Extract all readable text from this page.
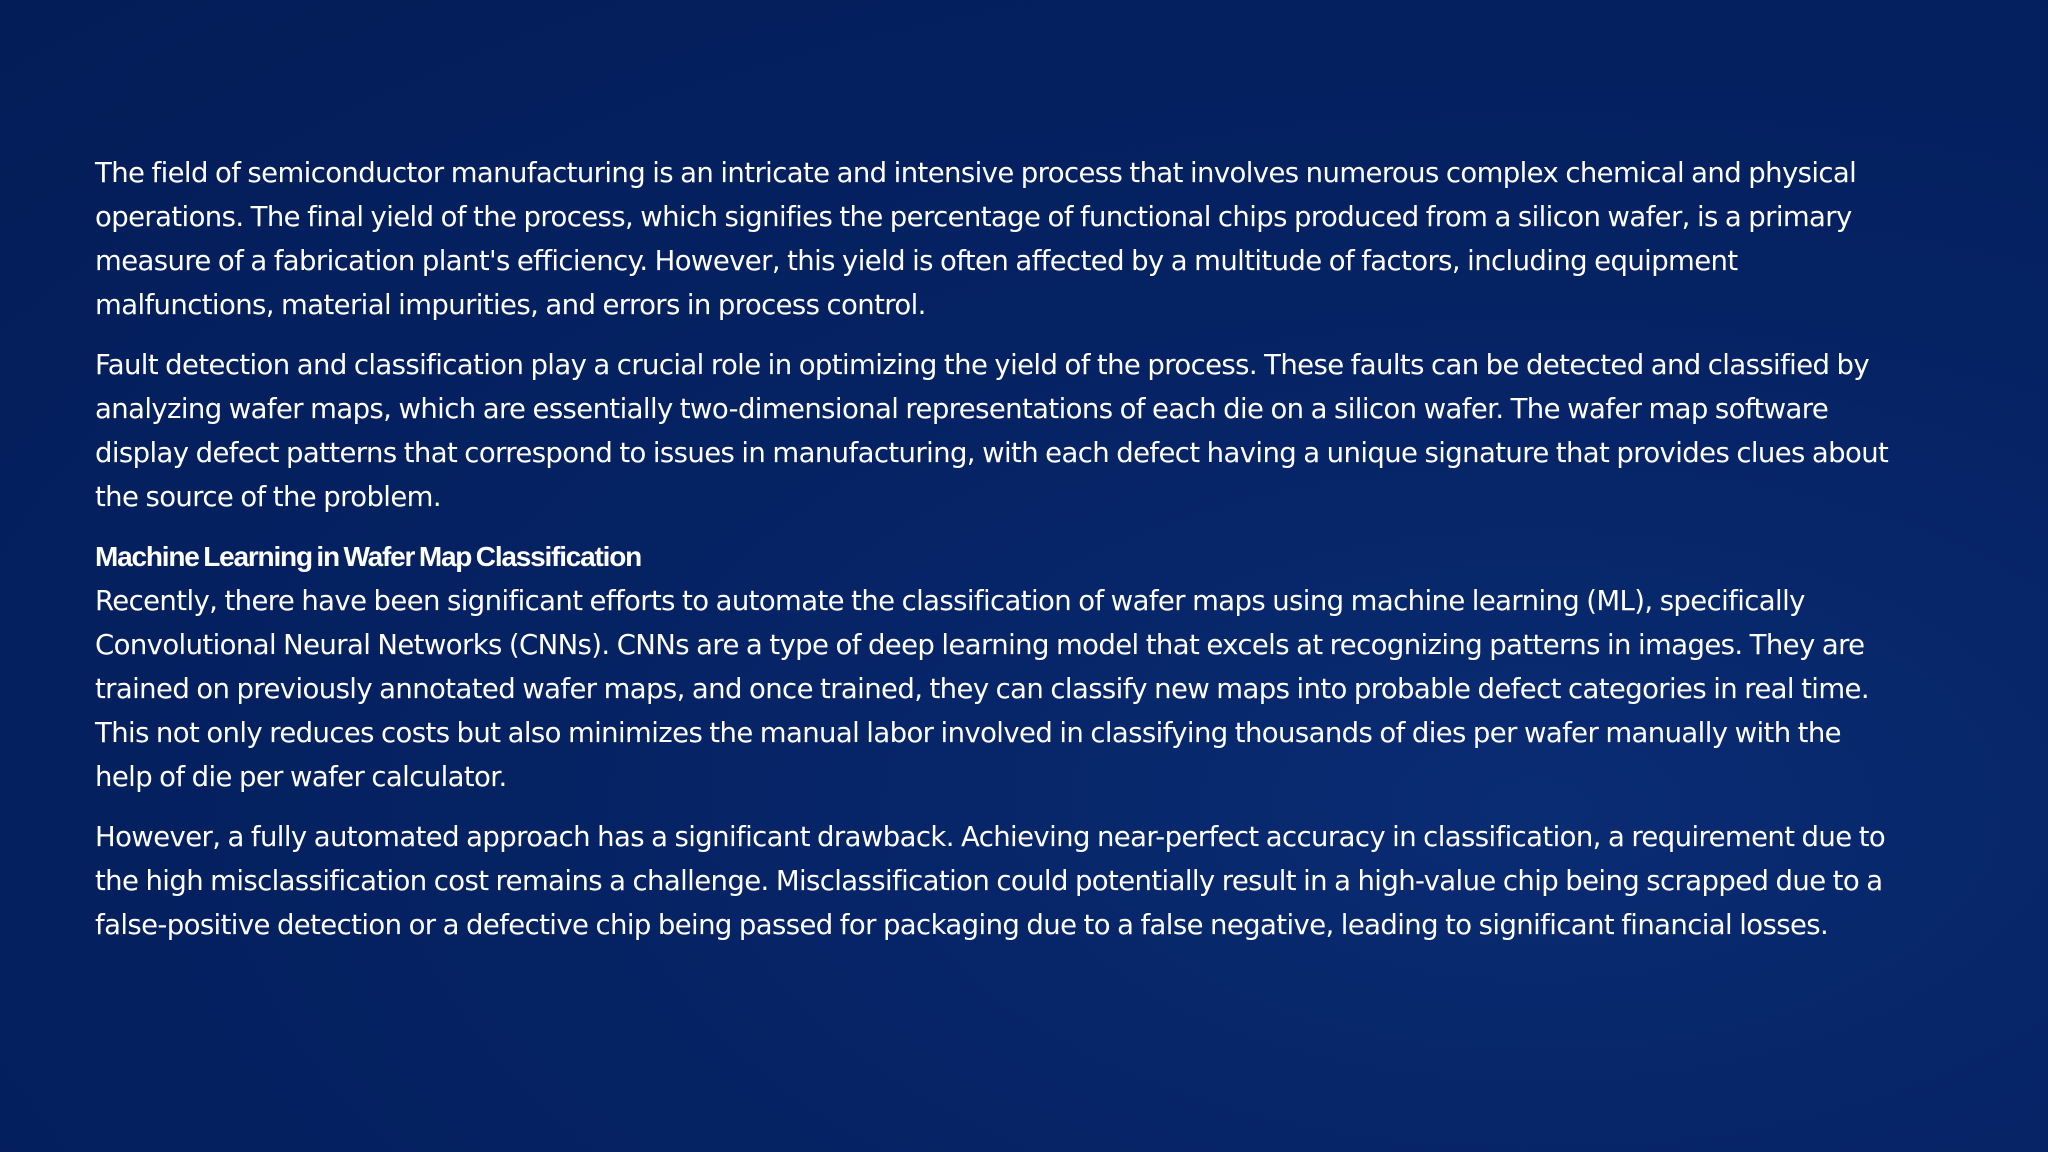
The field of semiconductor manufacturing is an intricate and intensive process that involves numerous complex chemical and physical operations. The final yield of the process, which signifies the percentage of functional chips produced from a silicon wafer, is a primary measure of a fabrication plant's efficiency. However, this yield is often affected by a multitude of factors, including equipment malfunctions, material impurities, and errors in process control.

Fault detection and classification play a crucial role in optimizing the yield of the process. These faults can be detected and classified by analyzing wafer maps, which are essentially two-dimensional representations of each die on a silicon wafer. The wafer map software display defect patterns that correspond to issues in manufacturing, with each defect having a unique signature that provides clues about the source of the problem.

Machine Learning in Wafer Map Classification

Recently, there have been significant efforts to automate the classification of wafer maps using machine learning (ML), specifically Convolutional Neural Networks (CNNs). CNNs are a type of deep learning model that excels at recognizing patterns in images. They are trained on previously annotated wafer maps, and once trained, they can classify new maps into probable defect categories in real time. This not only reduces costs but also minimizes the manual labor involved in classifying thousands of dies per wafer manually with the help of die per wafer calculator.

However, a fully automated approach has a significant drawback. Achieving near-perfect accuracy in classification, a requirement due to the high misclassification cost remains a challenge. Misclassification could potentially result in a high-value chip being scrapped due to a false-positive detection or a defective chip being passed for packaging due to a false negative, leading to significant financial losses.
